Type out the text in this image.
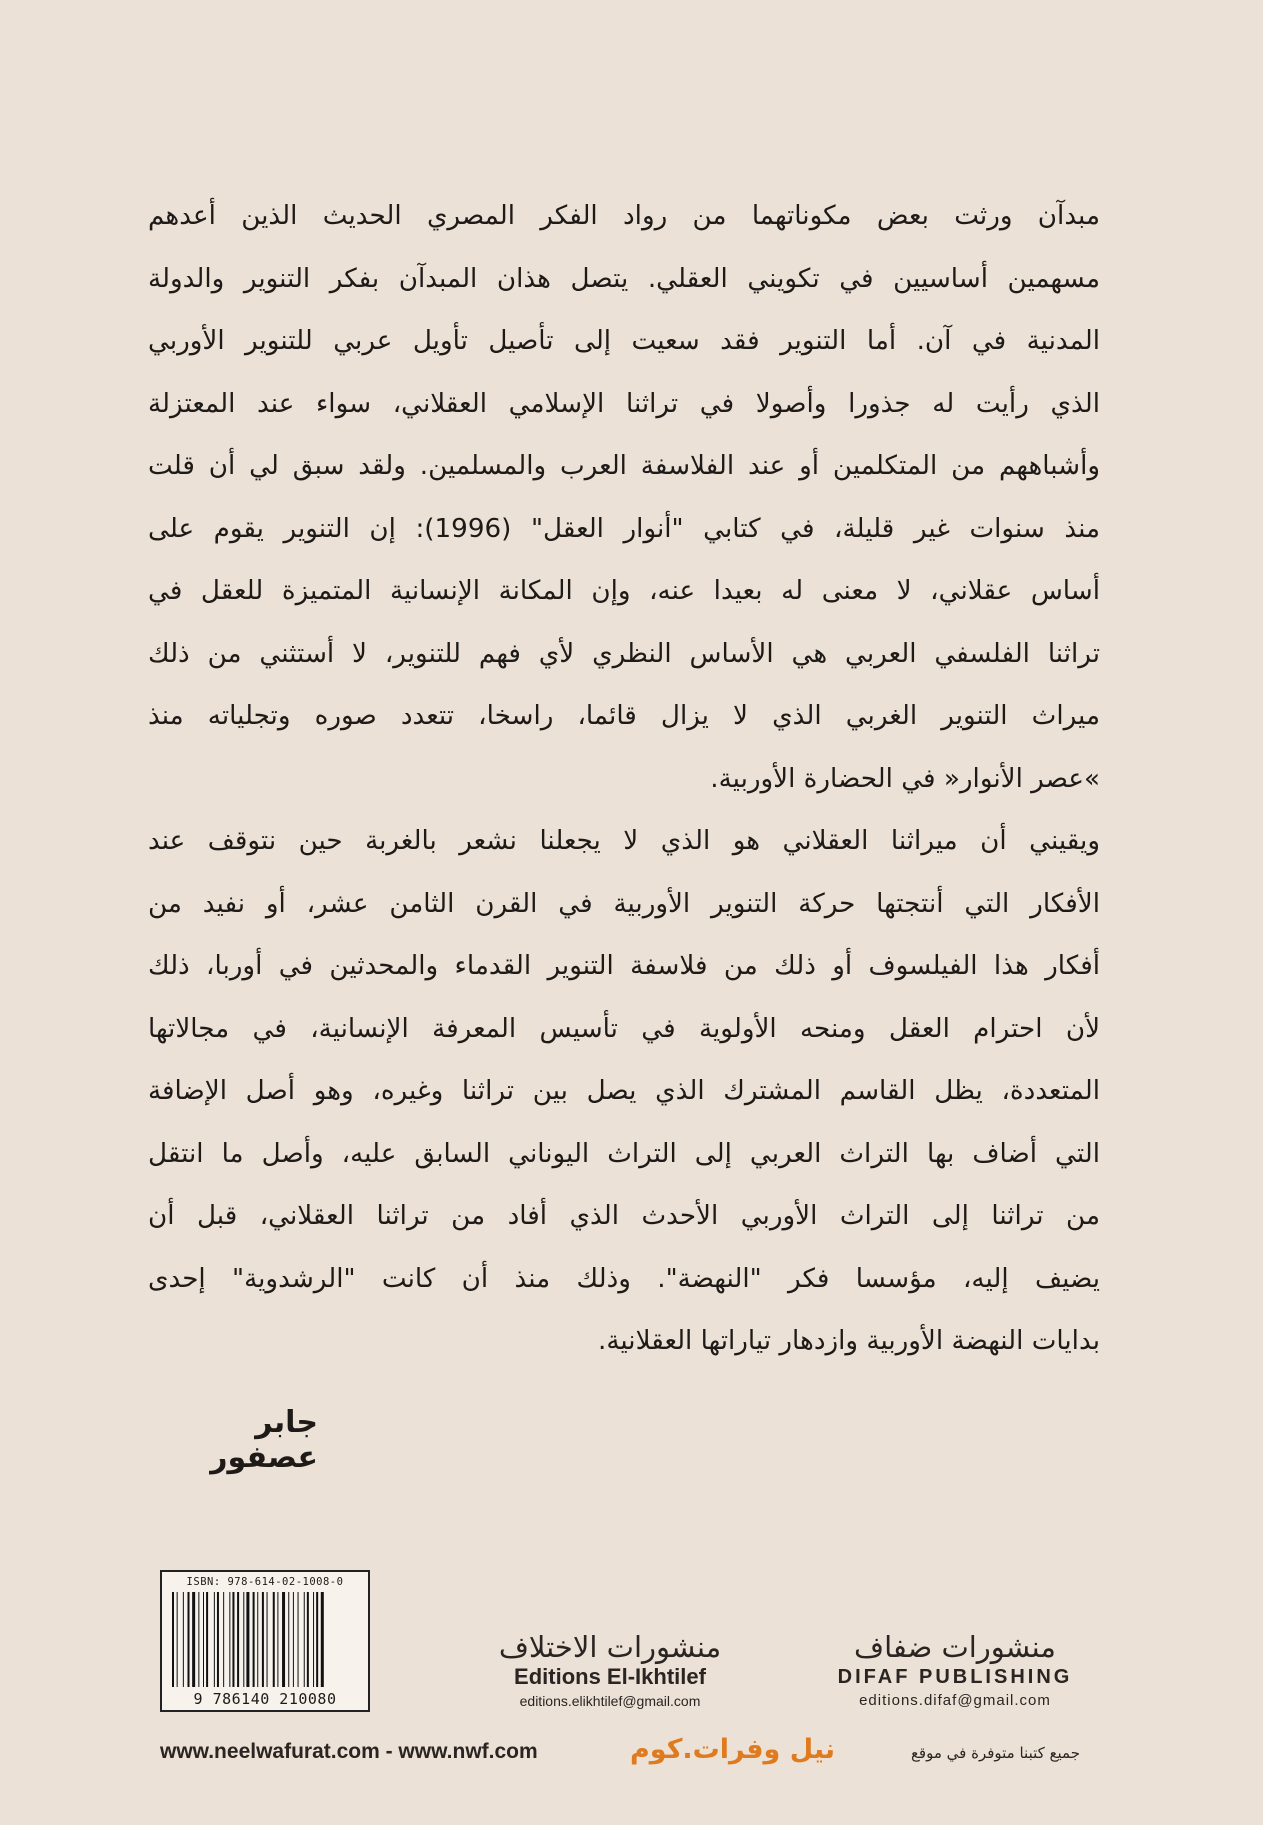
مبدآن ورثت بعض مكوناتهما من رواد الفكر المصري الحديث الذين أعدهم
مسهمين أساسيين في تكويني العقلي. يتصل هذان المبدآن بفكر التنوير والدولة
المدنية في آن. أما التنوير فقد سعيت إلى تأصيل تأويل عربي للتنوير الأوربي
الذي رأيت له جذورا وأصولا في تراثنا الإسلامي العقلاني، سواء عند المعتزلة
وأشباههم من المتكلمين أو عند الفلاسفة العرب والمسلمين. ولقد سبق لي أن قلت
منذ سنوات غير قليلة، في كتابي "أنوار العقل" (1996): إن التنوير يقوم على
أساس عقلاني، لا معنى له بعيدا عنه، وإن المكانة الإنسانية المتميزة للعقل في
تراثنا الفلسفي العربي هي الأساس النظري لأي فهم للتنوير، لا أستثني من ذلك
ميراث التنوير الغربي الذي لا يزال قائما، راسخا، تتعدد صوره وتجلياته منذ
»عصر الأنوار« في الحضارة الأوربية.
ويقيني أن ميراثنا العقلاني هو الذي لا يجعلنا نشعر بالغربة حين نتوقف عند
الأفكار التي أنتجتها حركة التنوير الأوربية في القرن الثامن عشر، أو نفيد من
أفكار هذا الفيلسوف أو ذلك من فلاسفة التنوير القدماء والمحدثين في أوربا، ذلك
لأن احترام العقل ومنحه الأولوية في تأسيس المعرفة الإنسانية، في مجالاتها
المتعددة، يظل القاسم المشترك الذي يصل بين تراثنا وغيره، وهو أصل الإضافة
التي أضاف بها التراث العربي إلى التراث اليوناني السابق عليه، وأصل ما انتقل
من تراثنا إلى التراث الأوربي الأحدث الذي أفاد من تراثنا العقلاني، قبل أن
يضيف إليه، مؤسسا فكر "النهضة". وذلك منذ أن كانت "الرشدوية" إحدى
بدايات النهضة الأوربية وازدهار تياراتها العقلانية.
جابر عصفور
ISBN: 978-614-02-1008-0
9 786140 210080
منشورات الاختلاف
Editions El-Ikhtilef
editions.elikhtilef@gmail.com
منشورات ضفاف
DIFAF PUBLISHING
editions.difaf@gmail.com
www.neelwafurat.com - www.nwf.com	نيل وفرات.كوم	جميع كتبنا متوفرة في موقع
